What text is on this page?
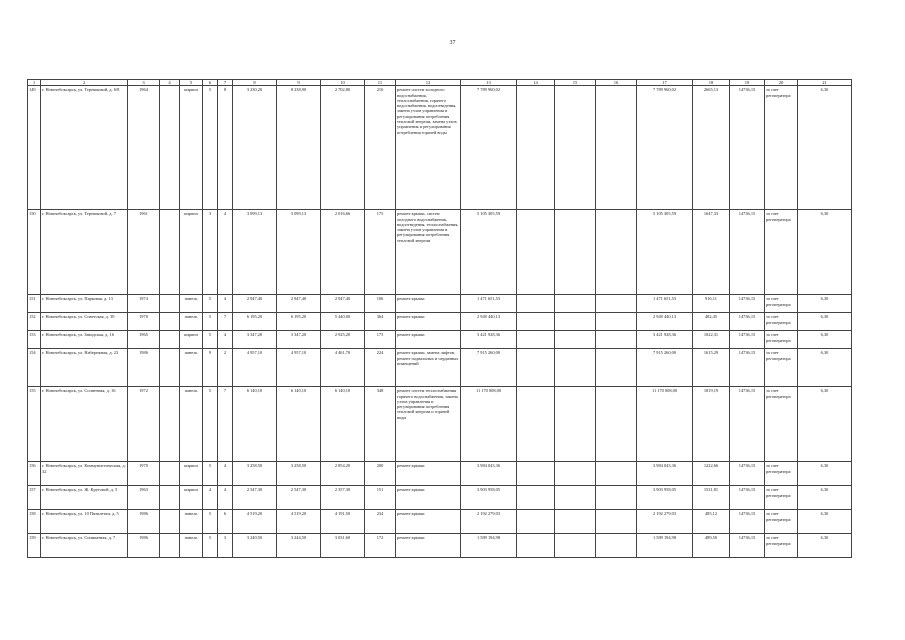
37
1	2	3	4	5	6	7	8	9	10	11	12	13	14	15	16	17	18	19	20	21
149	г. Новочебоксарск, ул. Терешковой, д. 6/8	1964		кирпич	5	8	3 230,20	8 238,90	2 702,80	216	ремонт систем холодного водоснабжения, теплоснабжения, горячего водоснабжения, водоотведения, замена узлов управления и регулирования потребления тепловой энергии, замена узлов управления и регулирования потребления горячей воды	7 789 960,02				7 789 960,02	2665,13	14736,15	за счет регоператора	6,30
150	г. Новочебоксарск, ул. Терешковой, д. 7	1961		кирпич	3	4	3 099,13	3 099,13	2 016,66	175	ремонт крыши, систем холодного водоснабжения, водоотведения, теплоснабжения, замена узлов управления и регулирования потребления тепловой энергии	5 105 305,59				5 105 305,59	1647,33	14736,15	за счет регоператора	6,30
151	г. Новочебоксарск, ул. Парковая, д. 13	1974		панель	5	4	2 947,40	2 947,40	2 947,40	106	ремонт крыши	1 471 651,53				1 471 651,53	916,11	14736,15	за счет регоператора	6,30
152	г. Новочебоксарск, ул. Советская, д. 39	1970		панель	5	7	6 195,20	6 195,20	5 440,00	364	ремонт крыши	2 949 440,13				2 949 440,13	482,45	14736,15	за счет регоператора	6,30
153	г. Новочебоксарск, ул. Заводская, д. 16	1965		кирпич	5	4	3 347,20	3 347,20	2 925,20	175	ремонт крыши	3 421 928,36				3 421 928,36	1022,31	14736,15	за счет регоператора	6,30
154	г. Новочебоксарск, ул. Набережная, д. 23	1986		панель	9	2	4 957,10	4 957,10	4 461,70	224	ремонт крыши, замена лифтов, ремонт подвальных и чердачных помещений	7 915 260,00				7 915 260,00	1615,29	14736,15	за счет регоператора	6,30
155	г. Новочебоксарск, ул. Солнечная, д. 16	1972		панель	5	7	6 140,10	6 140,10	6 140,10	348	ремонт систем теплоснабжения горячего водоснабжения, замена узлов управления и регулирования потребления тепловой энергии и горячей воды	11 170 008,00				11 170 008,00	1819,19	14736,15	за счет регоператора	6,30
156	г. Новочебоксарск, ул. Коммунистическая, д. 32	1970		кирпич	5	4	3 258,50	3 258,50	2 854,20	200	ремонт крыши	3 984 043,36				3 984 043,36	1222,66	14736,15	за счет регоператора	6,30
157	г. Новочебоксарск, ул. Ж. Крутовой, д. 5	1963		кирпич	4	4	2 547,30	2 547,30	2 357,30	151	ремонт крыши	3 903 958,05				3 903 958,05	1531,81	14736,15	за счет регоператора	6,30
158	г. Новочебоксарск, ул. 10 Пятилетки, д. 5	1986		панель	5	6	4 519,20	4 519,20	4 191,50	234	ремонт крыши	2 192 279,03				2 192 279,03	485,12	14736,15	за счет регоператора	6,30
159	г. Новочебоксарск, ул. Силикатная, д. 7	1986		панель	5	3	3 240,50	3 244,50	3 031,60	172	ремонт крыши	1 589 194,98				1 589 194,98	489,50	14736,15	за счет регоператора	6,30
